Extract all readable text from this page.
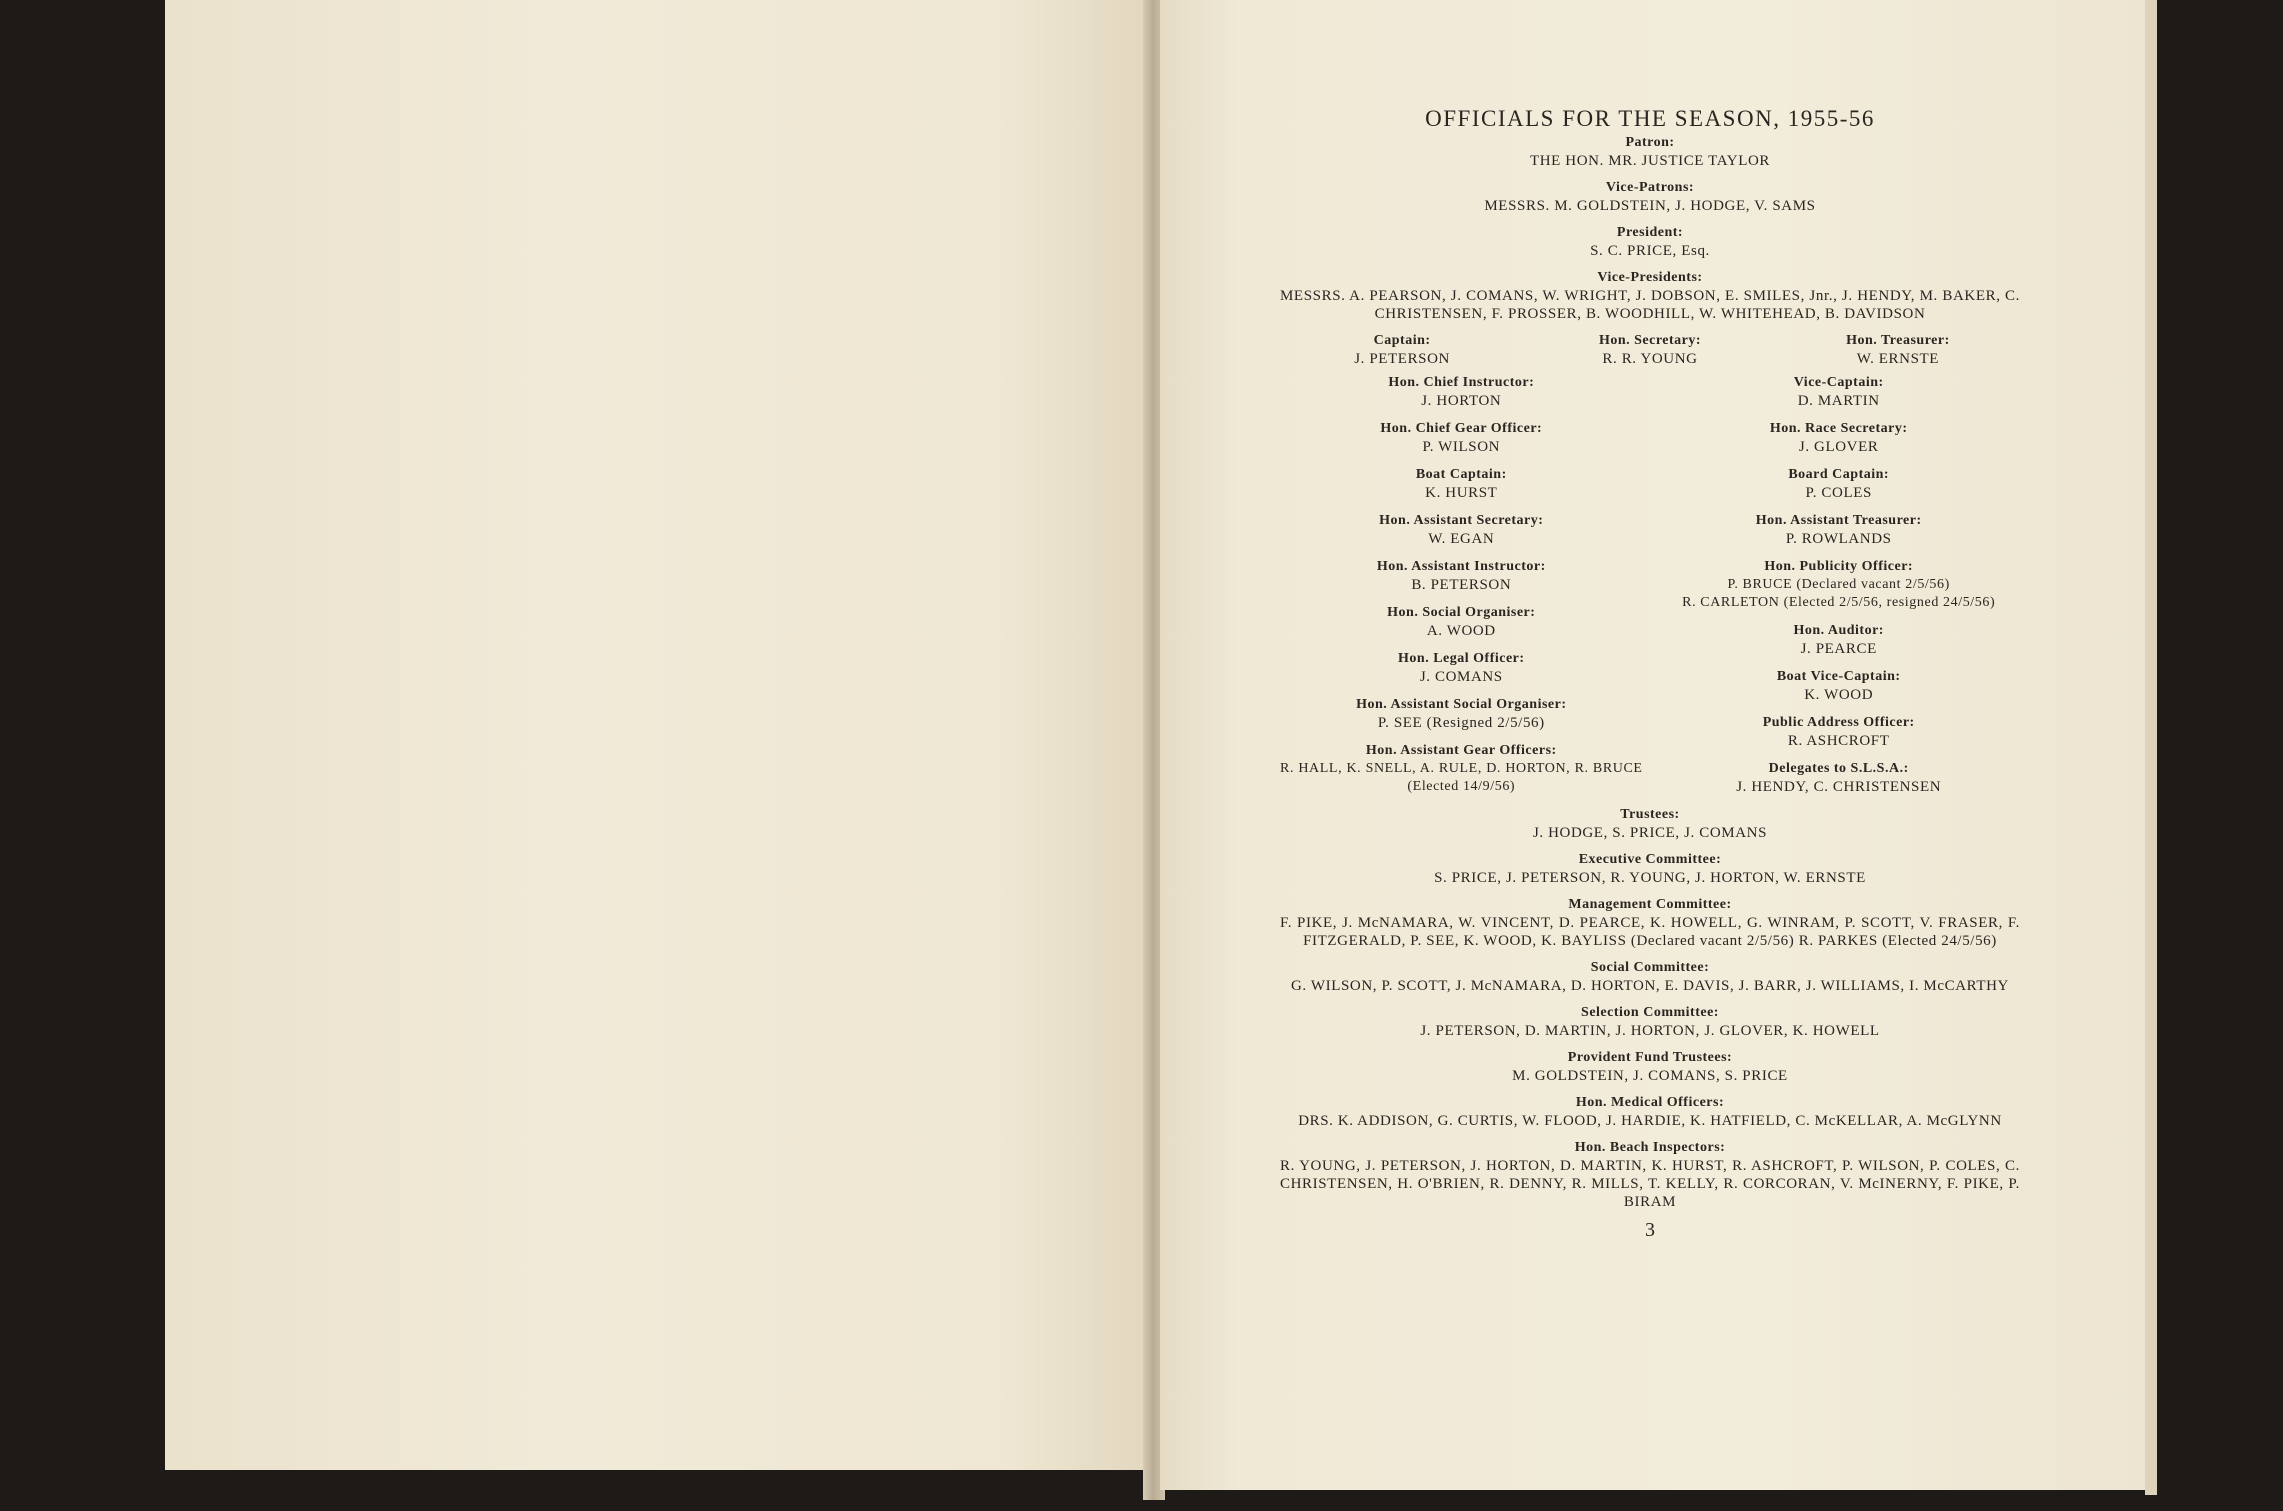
OFFICIALS FOR THE SEASON, 1955-56
Patron:
THE HON. MR. JUSTICE TAYLOR
Vice-Patrons:
MESSRS. M. GOLDSTEIN, J. HODGE, V. SAMS
President:
S. C. PRICE, Esq.
Vice-Presidents:
MESSRS. A. PEARSON, J. COMANS, W. WRIGHT, J. DOBSON, E. SMILES, Jnr., J. HENDY, M. BAKER, C. CHRISTENSEN, F. PROSSER, B. WOODHILL, W. WHITEHEAD, B. DAVIDSON
Captain:
J. PETERSON
Hon. Secretary:
R. R. YOUNG
Hon. Treasurer:
W. ERNSTE
Hon. Chief Instructor:
J. HORTON
Hon. Chief Gear Officer:
P. WILSON
Boat Captain:
K. HURST
Hon. Assistant Secretary:
W. EGAN
Hon. Assistant Instructor:
B. PETERSON
Hon. Social Organiser:
A. WOOD
Hon. Legal Officer:
J. COMANS
Hon. Assistant Social Organiser:
P. SEE (Resigned 2/5/56)
Hon. Assistant Gear Officers:
R. HALL, K. SNELL, A. RULE, D. HORTON, R. BRUCE (Elected 14/9/56)
Vice-Captain:
D. MARTIN
Hon. Race Secretary:
J. GLOVER
Board Captain:
P. COLES
Hon. Assistant Treasurer:
P. ROWLANDS
Hon. Publicity Officer:
P. BRUCE (Declared vacant 2/5/56)
R. CARLETON (Elected 2/5/56, resigned 24/5/56)
Hon. Auditor:
J. PEARCE
Boat Vice-Captain:
K. WOOD
Public Address Officer:
R. ASHCROFT
Delegates to S.L.S.A.:
J. HENDY, C. CHRISTENSEN
Trustees:
J. HODGE, S. PRICE, J. COMANS
Executive Committee:
S. PRICE, J. PETERSON, R. YOUNG, J. HORTON, W. ERNSTE
Management Committee:
F. PIKE, J. McNAMARA, W. VINCENT, D. PEARCE, K. HOWELL, G. WINRAM, P. SCOTT, V. FRASER, F. FITZGERALD, P. SEE, K. WOOD, K. BAYLISS (Declared vacant 2/5/56) R. PARKES (Elected 24/5/56)
Social Committee:
G. WILSON, P. SCOTT, J. McNAMARA, D. HORTON, E. DAVIS, J. BARR, J. WILLIAMS, I. McCARTHY
Selection Committee:
J. PETERSON, D. MARTIN, J. HORTON, J. GLOVER, K. HOWELL
Provident Fund Trustees:
M. GOLDSTEIN, J. COMANS, S. PRICE
Hon. Medical Officers:
DRS. K. ADDISON, G. CURTIS, W. FLOOD, J. HARDIE, K. HATFIELD, C. McKELLAR, A. McGLYNN
Hon. Beach Inspectors:
R. YOUNG, J. PETERSON, J. HORTON, D. MARTIN, K. HURST, R. ASHCROFT, P. WILSON, P. COLES, C. CHRISTENSEN, H. O'BRIEN, R. DENNY, R. MILLS, T. KELLY, R. CORCORAN, V. McINERNY, F. PIKE, P. BIRAM
3
